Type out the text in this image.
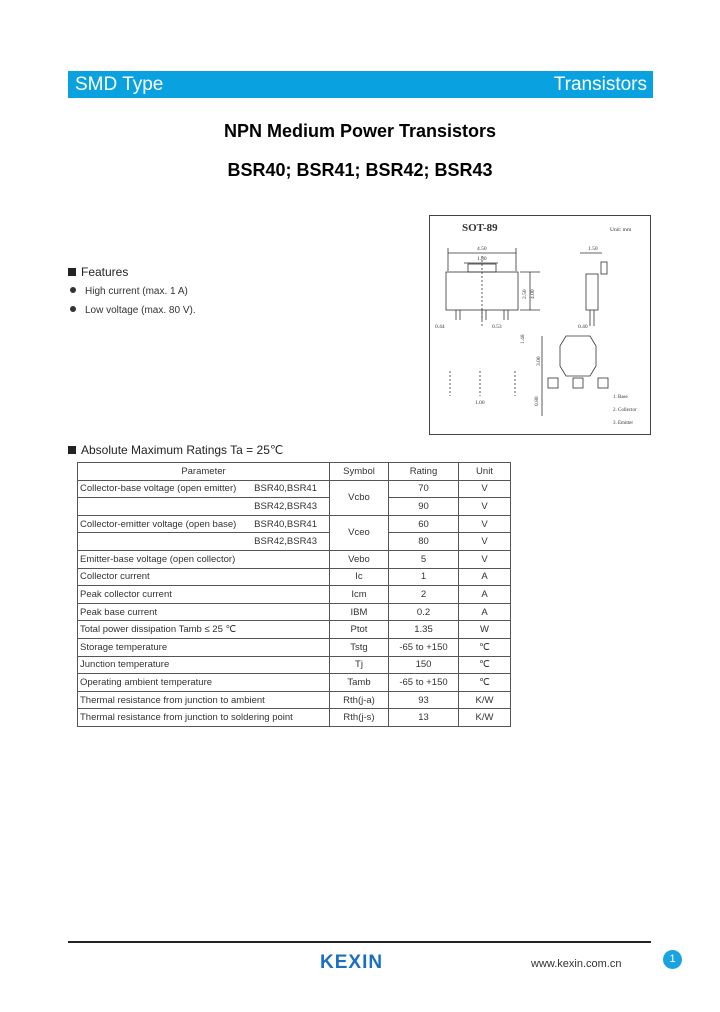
SMD Type	Transistors
NPN Medium Power Transistors
BSR40; BSR41; BSR42; BSR43
SOT-89	Unit: mm
4.50
1.80
1.50
2.50 4.00
0.44	0.53
1.48
3.00
0.80
0.40
1.00
1. Base
2. Collector
3. Emitter
Features
High current (max. 1 A)
Low voltage (max. 80 V).
Absolute Maximum Ratings Ta = 25℃
Parameter	Symbol	Rating	Unit

Collector-base voltage (open emitter) BSR40,BSR41	Vcbo	70	V

BSR42,BSR43		90	V

Collector-emitter voltage (open base) BSR40,BSR41	Vceo	60	V

BSR42,BSR43		80	V
Emitter-base voltage (open collector)	Vebo	5	V
Collector current	Ic	1	A
Peak collector current	Icm	2	A
Peak base current	IBM	0.2	A
Total power dissipation Tamb ≤ 25 ℃	Ptot	1.35	W
Storage temperature	Tstg	-65 to +150	℃
Junction temperature	Tj	150	℃
Operating ambient temperature	Tamb	-65 to +150	℃
Thermal resistance from junction to ambient	Rth(j-a)	93	K/W
Thermal resistance from junction to soldering point	Rth(j-s)	13	K/W
KEXIN	www.kexin.com.cn	1
